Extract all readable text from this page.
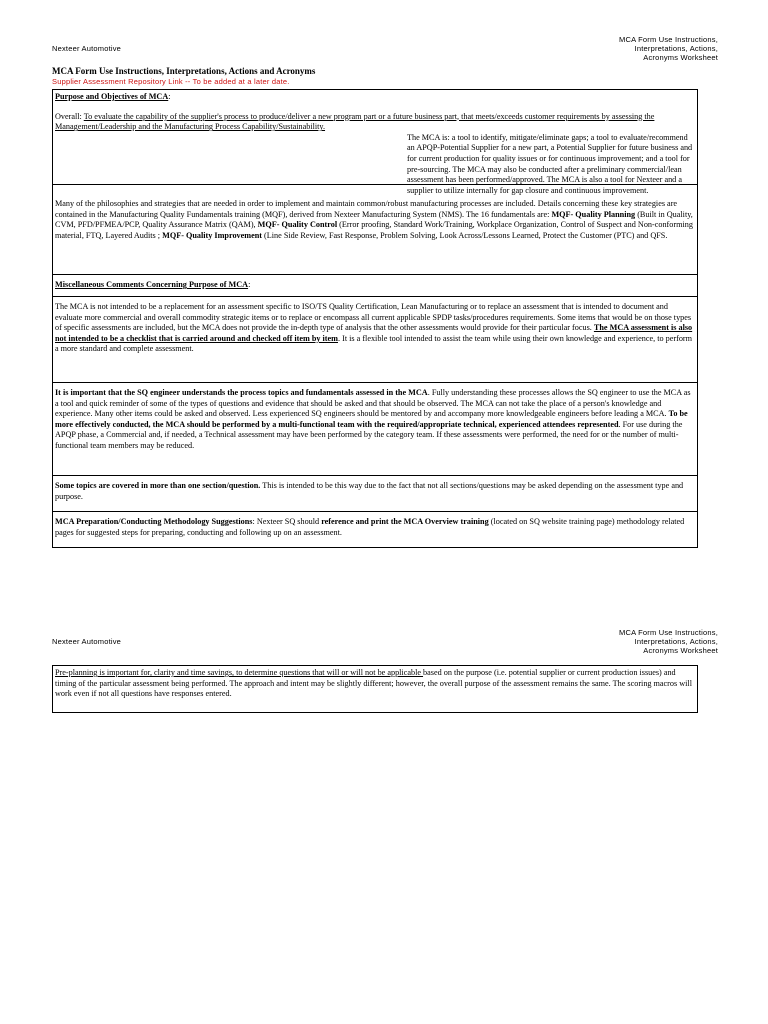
Nexteer Automotive
MCA Form Use Instructions,
Interpretations, Actions,
Acronyms Worksheet
MCA Form Use Instructions, Interpretations, Actions and Acronyms
Supplier Assessment Repository Link -- To be added at a later date.

Purpose and Objectives of MCA:

Overall: To evaluate the capability of the supplier's process to produce/deliver a new program part or a future business part, that meets/exceeds customer requirements by assessing the Management/Leadership and the Manufacturing Process Capability/Sustainability.

The MCA is: a tool to identify, mitigate/eliminate gaps; a tool to evaluate/recommend an APQP-Potential Supplier for a new part, a Potential Supplier for future business and for current production for quality issues or for continuous improvement; and a tool for pre-sourcing. The MCA may also be conducted after a preliminary commercial/lean assessment has been performed/approved. The MCA is also a tool for Nexteer and a supplier to utilize internally for gap closure and continuous improvement.

Many of the philosophies and strategies that are needed in order to implement and maintain common/robust manufacturing processes are included. Details concerning these key strategies are contained in the Manufacturing Quality Fundamentals training (MQF), derived from Nexteer Manufacturing System (NMS). The 16 fundamentals are: MQF- Quality Planning (Built in Quality, CVM, PFD/PFMEA/PCP, Quality Assurance Matrix (QAM), MQF- Quality Control (Error proofing, Standard Work/Training, Workplace Organization, Control of Suspect and Non-conforming material, FTQ, Layered Audits ; MQF- Quality Improvement (Line Side Review, Fast Response, Problem Solving, Look Across/Lessons Learned, Protect the Customer (PTC) and QFS.

Miscellaneous Comments Concerning Purpose of MCA:

The MCA is not intended to be a replacement for an assessment specific to ISO/TS Quality Certification, Lean Manufacturing or to replace an assessment that is intended to document and evaluate more commercial and overall commodity strategic items or to replace or encompass all current applicable SPDP tasks/procedures requirements. Some items that would be on those types of specific assessments are included, but the MCA does not provide the in-depth type of analysis that the other assessments would provide for their particular focus. The MCA assessment is also not intended to be a checklist that is carried around and checked off item by item. It is a flexible tool intended to assist the team while using their own knowledge and experience, to perform a more standard and complete assessment.

It is important that the SQ engineer understands the process topics and fundamentals assessed in the MCA. Fully understanding these processes allows the SQ engineer to use the MCA as a tool and quick reminder of some of the types of questions and evidence that should be asked and that should be observed. The MCA can not take the place of a person's knowledge and experience. Many other items could be asked and observed. Less experienced SQ engineers should be mentored by and accompany more knowledgeable engineers before leading a MCA. To be more effectively conducted, the MCA should be performed by a multi-functional team with the required/appropriate technical, experienced attendees represented. For use during the APQP phase, a Commercial and, if needed, a Technical assessment may have been performed by the category team. If these assessments were performed, the need for or the number of multi-functional team members may be reduced.

Some topics are covered in more than one section/question. This is intended to be this way due to the fact that not all sections/questions may be asked depending on the assessment type and purpose.

MCA Preparation/Conducting Methodology Suggestions: Nexteer SQ should reference and print the MCA Overview training (located on SQ website training page) methodology related pages for suggested steps for preparing, conducting and following up on an assessment.

Nexteer Automotive
MCA Form Use Instructions,
Interpretations, Actions,
Acronyms Worksheet

Pre-planning is important for, clarity and time savings, to determine questions that will or will not be applicable based on the purpose (i.e. potential supplier or current production issues) and timing of the particular assessment being performed. The approach and intent may be slightly different; however, the overall purpose of the assessment remains the same. The scoring macros will work even if not all questions have responses entered.
